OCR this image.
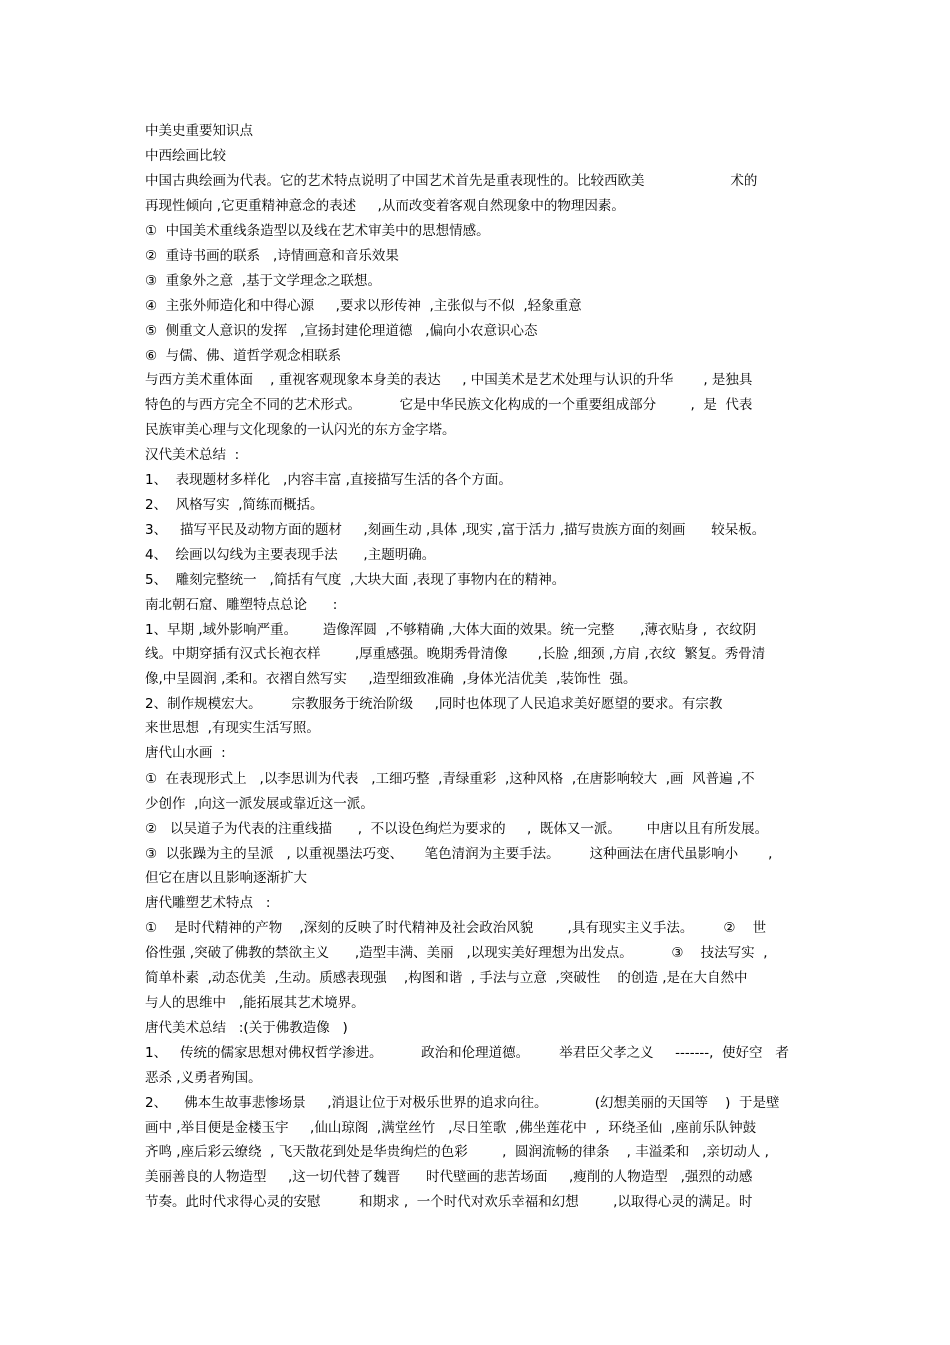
中美史重要知识点
中西绘画比较
中国古典绘画为代表。它的艺术特点说明了中国艺术首先是重表现性的。比较西欧美                    术的
再现性倾向 ,它更重精神意念的表述     ,从而改变着客观自然现象中的物理因素。
①  中国美术重线条造型以及线在艺术审美中的思想情感。
②  重诗书画的联系   ,诗情画意和音乐效果
③  重象外之意  ,基于文学理念之联想。
④  主张外师造化和中得心源     ,要求以形传神  ,主张似与不似  ,轻象重意
⑤  侧重文人意识的发挥   ,宣扬封建伦理道德   ,偏向小农意识心态
⑥  与儒、佛、道哲学观念相联系
与西方美术重体面    , 重视客观现象本身美的表达     , 中国美术是艺术处理与认识的升华       , 是独具
特色的与西方完全不同的艺术形式。         它是中华民族文化构成的一个重要组成部分        ,  是  代表
民族审美心理与文化现象的一认闪光的东方金字塔。
汉代美术总结  :
1、  表现题材多样化   ,内容丰富 ,直接描写生活的各个方面。
2、  风格写实  ,简练而概括。
3、   描写平民及动物方面的题材     ,刻画生动 ,具体 ,现实 ,富于活力 ,描写贵族方面的刻画      较呆板。
4、  绘画以勾线为主要表现手法      ,主题明确。
5、  雕刻完整统一   ,简括有气度  ,大块大面 ,表现了事物内在的精神。
南北朝石窟、雕塑特点总论      :
1、早期 ,域外影响严重。      造像浑圆  ,不够精确 ,大体大面的效果。统一完整      ,薄衣贴身 ,  衣纹阴
线。中期穿插有汉式长袍衣样        ,厚重感强。晚期秀骨清像       ,长脸 ,细颈 ,方肩 ,衣纹  繁复。秀骨清
像,中呈圆润 ,柔和。衣褶自然写实     ,造型细致准确  ,身体光洁优美  ,装饰性  强。
2、制作规模宏大。       宗教服务于统治阶级     ,同时也体现了人民追求美好愿望的要求。有宗教
来世思想  ,有现实生活写照。
唐代山水画  :
①  在表现形式上   ,以李思训为代表   ,工细巧整  ,青绿重彩  ,这种风格  ,在唐影响较大  ,画  风普遍 ,不
少创作  ,向这一派发展或靠近这一派。
②   以吴道子为代表的注重线描      ,  不以设色绚烂为要求的     ,  既体又一派。      中唐以且有所发展。
③  以张躁为主的呈派   , 以重视墨法巧变、     笔色清润为主要手法。       这种画法在唐代虽影响小       ,
但它在唐以且影响逐渐扩大
唐代雕塑艺术特点   :
①    是时代精神的产物    ,深刻的反映了时代精神及社会政治风貌        ,具有现实主义手法。       ②    世
俗性强 ,突破了佛教的禁欲主义      ,造型丰满、美丽   ,以现实美好理想为出发点。         ③    技法写实  ,
简单朴素  ,动态优美  ,生动。质感表现强    ,构图和谐  , 手法与立意  ,突破性    的创造 ,是在大自然中
与人的思维中   ,能拓展其艺术境界。
唐代美术总结   :(关于佛教造像   )
1、   传统的儒家思想对佛权哲学渗进。         政治和伦理道德。       举君臣父孝之义     -------,  使好空   者
恶杀 ,义勇者殉国。
2、    佛本生故事悲惨场景     ,消退让位于对极乐世界的追求向往。           (幻想美丽的天国等    )  于是壁
画中 ,举目便是金楼玉宇     ,仙山琼阁  ,满堂丝竹   ,尽日笙歌  ,佛坐莲花中  ,  环绕圣仙  ,座前乐队钟鼓
齐鸣 ,座后彩云缭绕  , 飞天散花到处是华贵绚烂的色彩        ,  圆润流畅的律条    , 丰溢柔和   ,亲切动人 ,
美丽善良的人物造型     ,这一切代替了魏晋      时代壁画的悲苦场面     ,瘦削的人物造型   ,强烈的动感
节奏。此时代求得心灵的安慰         和期求 ,  一个时代对欢乐幸福和幻想        ,以取得心灵的满足。时
